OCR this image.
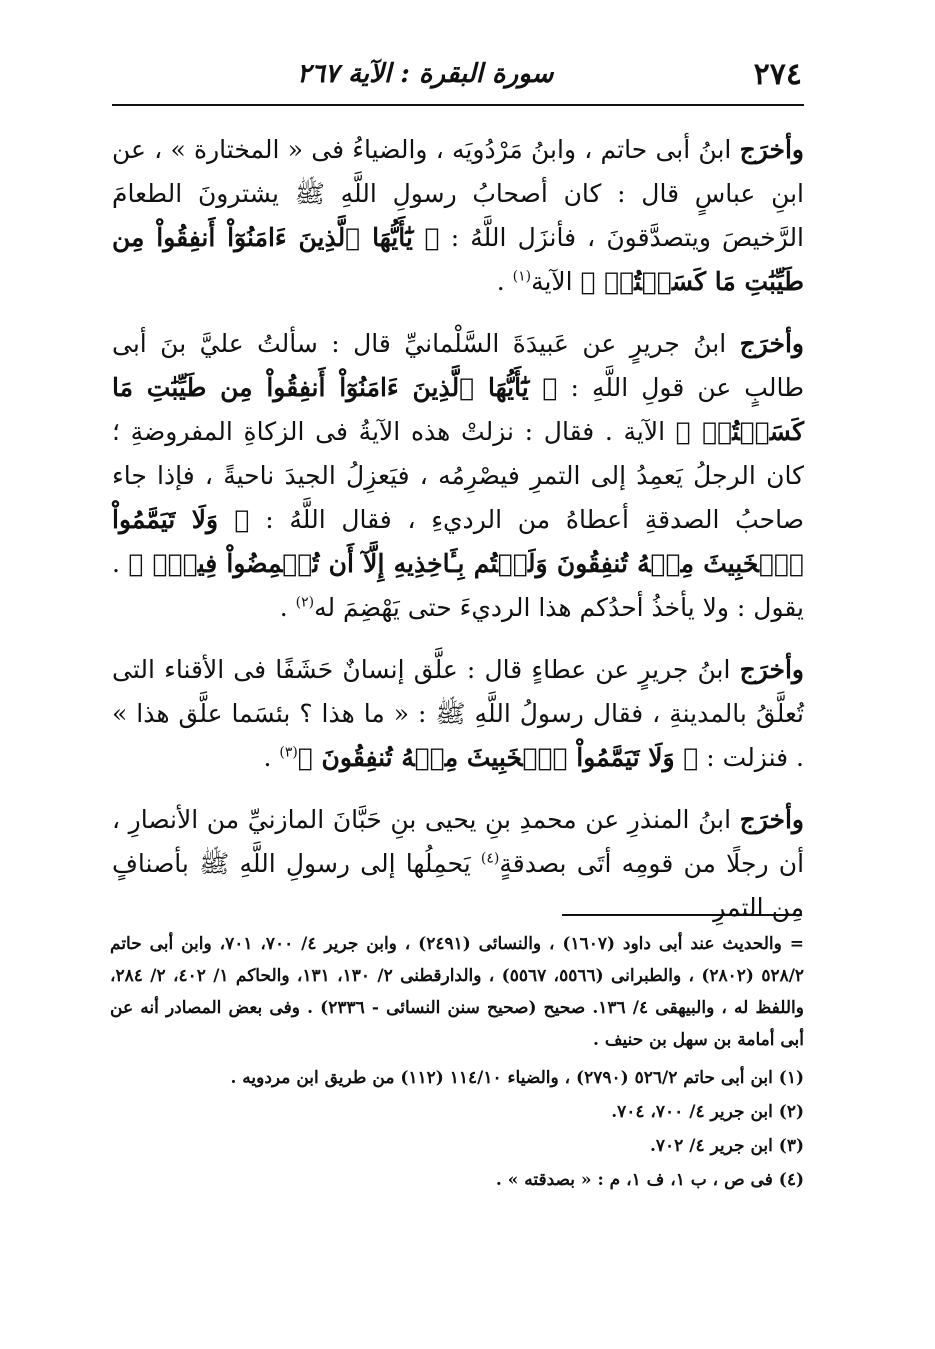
٢٧٤
سورة البقرة : الآية ٢٦٧

وأخرَج ابنُ أبى حاتم ، وابنُ مَرْدُويَه ، والضياءُ فى « المختارة » ، عن ابنِ عباسٍ قال : كان أصحابُ رسولِ اللَّهِ ﷺ يشترونَ الطعامَ الرَّخيصَ ويتصدَّقونَ ، فأنزَل اللَّهُ : ﴿ يَٰٓأَيُّهَا ٱلَّذِينَ ءَامَنُوٓاْ أَنفِقُواْ مِن طَيِّبَٰتِ مَا كَسَبۡتُمۡ ﴾ الآية$^{(١)}$ .

وأخرَج ابنُ جريرٍ عن عَبيدَةَ السَّلْمانيِّ قال : سألتُ عليَّ بنَ أبى طالبٍ عن قولِ اللَّهِ : ﴿ يَٰٓأَيُّهَا ٱلَّذِينَ ءَامَنُوٓاْ أَنفِقُواْ مِن طَيِّبَٰتِ مَا كَسَبۡتُمۡ ﴾ الآية . فقال : نزلتْ هذه الآيةُ فى الزكاةِ المفروضةِ ؛ كان الرجلُ يَعمِدُ إلى التمرِ فيصْرِمُه ، فيَعزِلُ الجيدَ ناحيةً ، فإذا جاء صاحبُ الصدقةِ أعطاهُ من الرديءِ ، فقال اللَّهُ : ﴿ وَلَا تَيَمَّمُواْ ٱلۡخَبِيثَ مِنۡهُ تُنفِقُونَ وَلَسۡتُم بِـَٔاخِذِيهِ إِلَّآ أَن تُغۡمِضُواْ فِيهِۚ ﴾ . يقول : ولا يأخذُ أحدُكم هذا الرديءَ حتى يَهْضِمَ له$^{(٢)}$ .

وأخرَج ابنُ جريرٍ عن عطاءٍ قال : علَّق إنسانٌ حَشَفًا فى الأقناء التى تُعلَّقُ بالمدينةِ ، فقال رسولُ اللَّهِ ﷺ : « ما هذا ؟ بئسَما علَّق هذا » . فنزلت : ﴿ وَلَا تَيَمَّمُواْ ٱلۡخَبِيثَ مِنۡهُ تُنفِقُونَ ﴾$^{(٣)}$ .

وأخرَج ابنُ المنذرِ عن محمدِ بنِ يحيى بنِ حَبَّانَ المازنيِّ من الأنصارِ ، أن رجلًا من قومِه أتَى بصدقةٍ$^{(٤)}$ يَحمِلُها إلى رسولِ اللَّهِ ﷺ بأصنافٍ مِن التمرِ

= والحديث عند أبى داود (١٦٠٧) ، والنسائى (٢٤٩١) ، وابن جرير ٤/ ٧٠٠، ٧٠١، وابن أبى حاتم ٥٢٨/٢ (٢٨٠٢) ، والطبرانى (٥٥٦٦، ٥٥٦٧) ، والدارقطنى ٢/ ١٣٠، ١٣١، والحاكم ١/ ٤٠٢، ٢/ ٢٨٤، واللفظ له ، والبيهقى ٤/ ١٣٦. صحيح (صحيح سنن النسائى - ٢٣٣٦) . وفى بعض المصادر أنه عن أبى أمامة بن سهل بن حنيف .

(١) ابن أبى حاتم ٥٢٦/٢ (٢٧٩٠) ، والضياء ١١٤/١٠ (١١٢) من طريق ابن مردويه .

(٢) ابن جرير ٤/ ٧٠٠، ٧٠٤.

(٣) ابن جرير ٤/ ٧٠٢.

(٤) فى ص ، ب ١، ف ١، م : « بصدقته » .
